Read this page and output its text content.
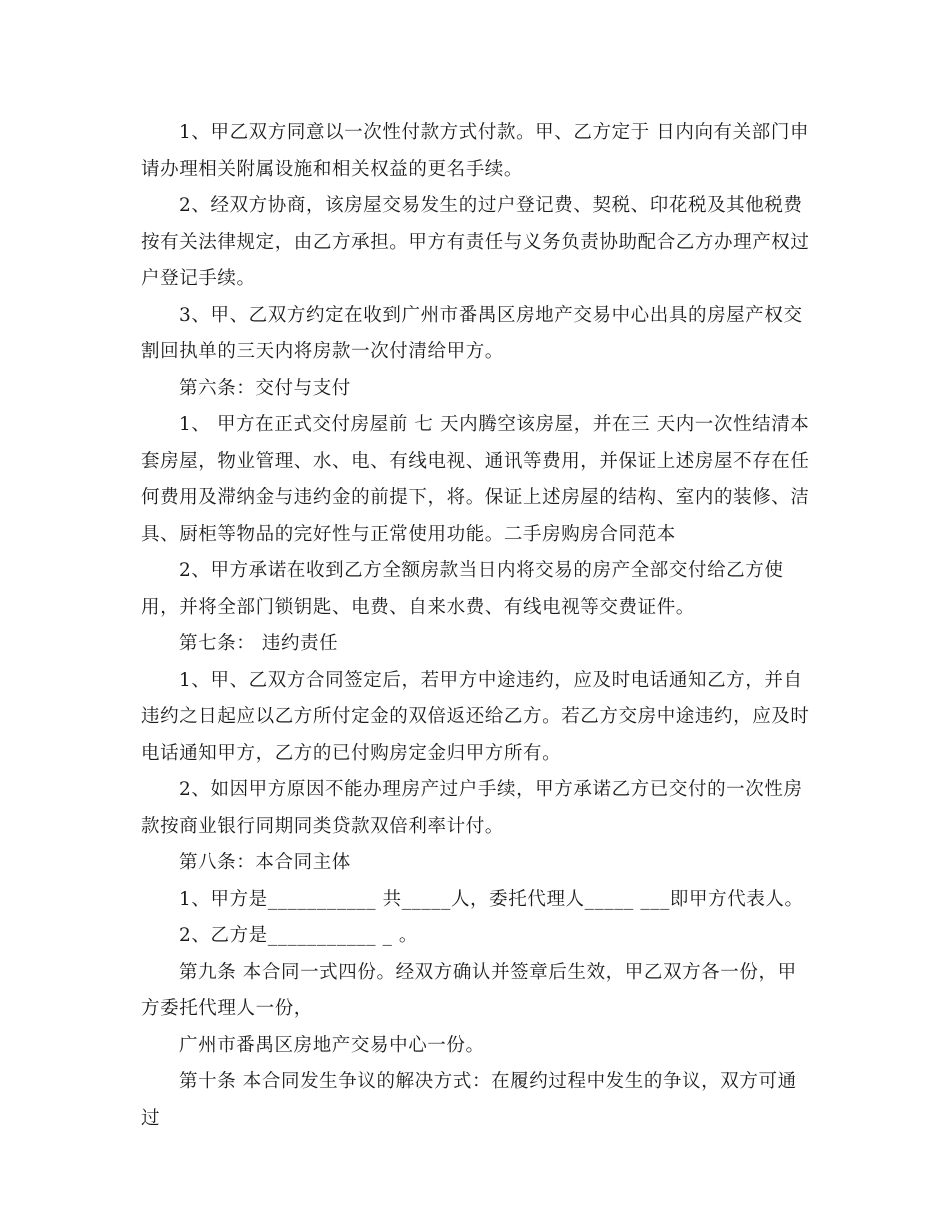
1、甲乙双方同意以一次性付款方式付款。甲、乙方定于 日内向有关部门申请办理相关附属设施和相关权益的更名手续。

2、经双方协商，该房屋交易发生的过户登记费、契税、印花税及其他税费按有关法律规定，由乙方承担。甲方有责任与义务负责协助配合乙方办理产权过户登记手续。

3、甲、乙双方约定在收到广州市番禺区房地产交易中心出具的房屋产权交割回执单的三天内将房款一次付清给甲方。

第六条：交付与支付

1、 甲方在正式交付房屋前 七 天内腾空该房屋，并在三 天内一次性结清本套房屋，物业管理、水、电、有线电视、通讯等费用，并保证上述房屋不存在任何费用及滞纳金与违约金的前提下，将。保证上述房屋的结构、室内的装修、洁具、厨柜等物品的完好性与正常使用功能。二手房购房合同范本

2、甲方承诺在收到乙方全额房款当日内将交易的房产全部交付给乙方使用，并将全部门锁钥匙、电费、自来水费、有线电视等交费证件。

第七条： 违约责任

1、甲、乙双方合同签定后，若甲方中途违约，应及时电话通知乙方，并自违约之日起应以乙方所付定金的双倍返还给乙方。若乙方交房中途违约，应及时电话通知甲方，乙方的已付购房定金归甲方所有。

2、如因甲方原因不能办理房产过户手续，甲方承诺乙方已交付的一次性房款按商业银行同期同类贷款双倍利率计付。

第八条：本合同主体

1、甲方是___________ 共_____人，委托代理人_____ ___即甲方代表人。

2、乙方是___________ _ 。

第九条 本合同一式四份。经双方确认并签章后生效，甲乙双方各一份，甲方委托代理人一份，

广州市番禺区房地产交易中心一份。

第十条 本合同发生争议的解决方式：在履约过程中发生的争议，双方可通过
